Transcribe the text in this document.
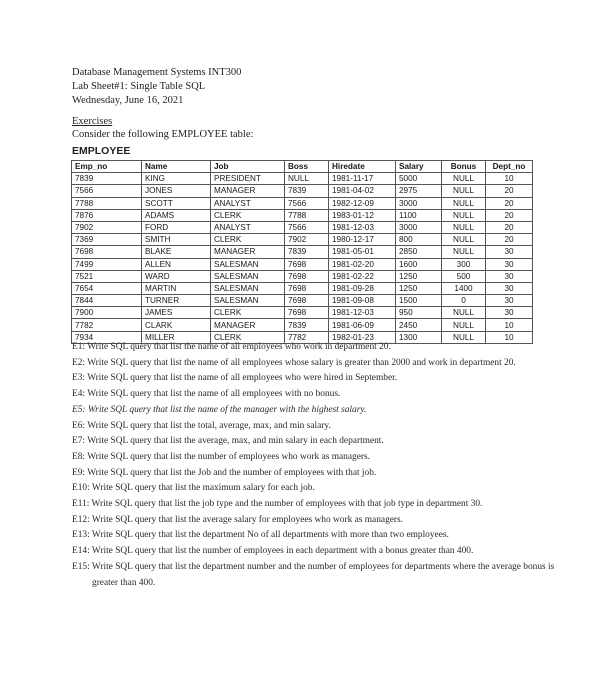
Database Management Systems INT300
Lab Sheet#1: Single Table SQL
Wednesday, June 16, 2021
Exercises
Consider the following EMPLOYEE table:
EMPLOYEE
Emp_no	Name	Job	Boss	Hiredate	Salary	Bonus	Dept_no
7839	KING	PRESIDENT	NULL	1981-11-17	5000	NULL	10
7566	JONES	MANAGER	7839	1981-04-02	2975	NULL	20
7788	SCOTT	ANALYST	7566	1982-12-09	3000	NULL	20
7876	ADAMS	CLERK	7788	1983-01-12	1100	NULL	20
7902	FORD	ANALYST	7566	1981-12-03	3000	NULL	20
7369	SMITH	CLERK	7902	1980-12-17	800	NULL	20
7698	BLAKE	MANAGER	7839	1981-05-01	2850	NULL	30
7499	ALLEN	SALESMAN	7698	1981-02-20	1600	300	30
7521	WARD	SALESMAN	7698	1981-02-22	1250	500	30
7654	MARTIN	SALESMAN	7698	1981-09-28	1250	1400	30
7844	TURNER	SALESMAN	7698	1981-09-08	1500	0	30
7900	JAMES	CLERK	7698	1981-12-03	950	NULL	30
7782	CLARK	MANAGER	7839	1981-06-09	2450	NULL	10
7934	MILLER	CLERK	7782	1982-01-23	1300	NULL	10

E1: Write SQL query that list the name of all employees who work in department 20.

E2: Write SQL query that list the name of all employees whose salary is greater than 2000 and work in department 20.

E3: Write SQL query that list the name of all employees who were hired in September.

E4: Write SQL query that list the name of all employees with no bonus.

E5: Write SQL query that list the name of the manager with the highest salary.

E6: Write SQL query that list the total, average, max, and min salary.

E7: Write SQL query that list the average, max, and min salary in each department.

E8: Write SQL query that list the number of employees who work as managers.

E9: Write SQL query that list the Job and the number of employees with that job.

E10: Write SQL query that list the maximum salary for each job.

E11: Write SQL query that list the job type and the number of employees with that job type in department 30.

E12: Write SQL query that list the average salary for employees who work as managers.

E13: Write SQL query that list the department No of all departments with more than two employees.

E14: Write SQL query that list the number of employees in each department with a bonus greater than 400.

E15: Write SQL query that list the department number and the number of employees for departments where the average bonus is greater than 400.
